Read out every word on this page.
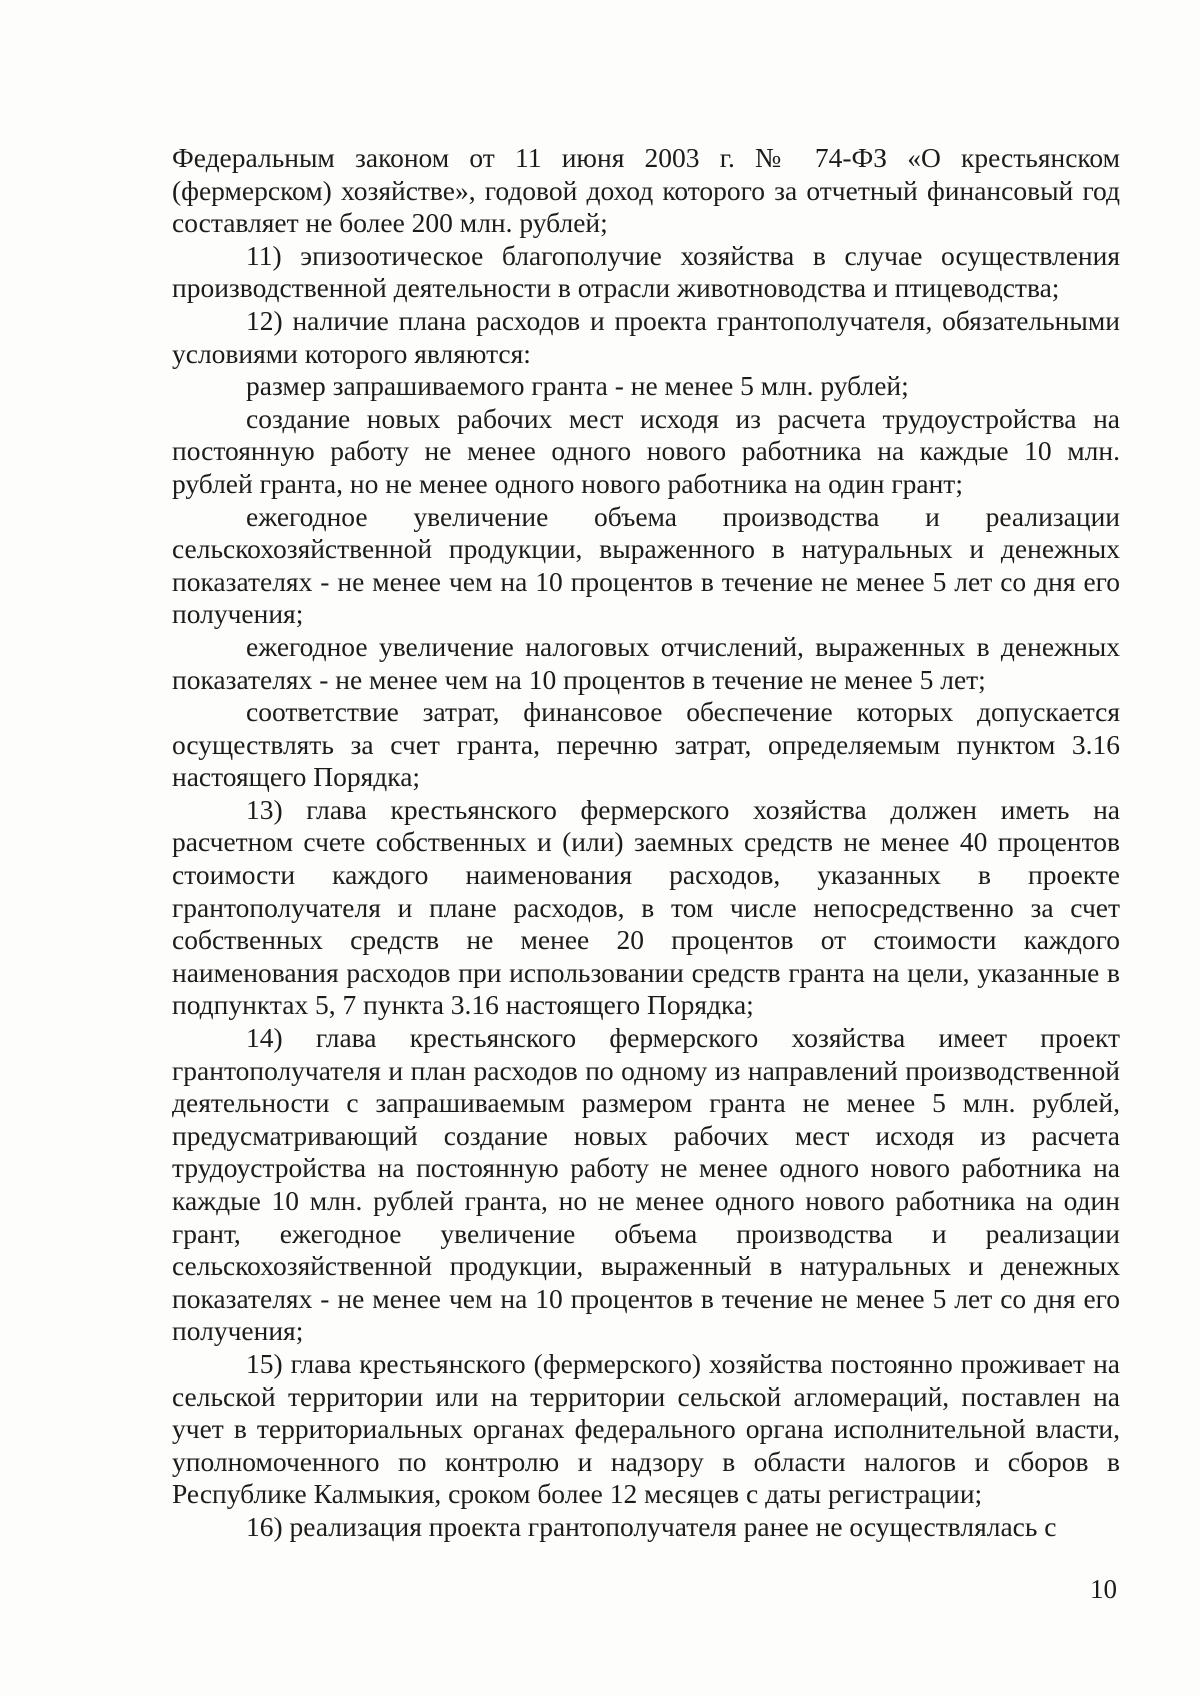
Федеральным законом от 11 июня 2003 г. № 74-ФЗ «О крестьянском (фермерском) хозяйстве», годовой доход которого за отчетный финансовый год составляет не более 200 млн. рублей;

11) эпизоотическое благополучие хозяйства в случае осуществления производственной деятельности в отрасли животноводства и птицеводства;

12) наличие плана расходов и проекта грантополучателя, обязательными условиями которого являются:

размер запрашиваемого гранта - не менее 5 млн. рублей;

создание новых рабочих мест исходя из расчета трудоустройства на постоянную работу не менее одного нового работника на каждые 10 млн. рублей гранта, но не менее одного нового работника на один грант;

ежегодное увеличение объема производства и реализации сельскохозяйственной продукции, выраженного в натуральных и денежных показателях - не менее чем на 10 процентов в течение не менее 5 лет со дня его получения;

ежегодное увеличение налоговых отчислений, выраженных в денежных показателях - не менее чем на 10 процентов в течение не менее 5 лет;

соответствие затрат, финансовое обеспечение которых допускается осуществлять за счет гранта, перечню затрат, определяемым пунктом 3.16 настоящего Порядка;

13) глава крестьянского фермерского хозяйства должен иметь на расчетном счете собственных и (или) заемных средств не менее 40 процентов стоимости каждого наименования расходов, указанных в проекте грантополучателя и плане расходов, в том числе непосредственно за счет собственных средств не менее 20 процентов от стоимости каждого наименования расходов при использовании средств гранта на цели, указанные в подпунктах 5, 7 пункта 3.16 настоящего Порядка;

14) глава крестьянского фермерского хозяйства имеет проект грантополучателя и план расходов по одному из направлений производственной деятельности с запрашиваемым размером гранта не менее 5 млн. рублей, предусматривающий создание новых рабочих мест исходя из расчета трудоустройства на постоянную работу не менее одного нового работника на каждые 10 млн. рублей гранта, но не менее одного нового работника на один грант, ежегодное увеличение объема производства и реализации сельскохозяйственной продукции, выраженный в натуральных и денежных показателях - не менее чем на 10 процентов в течение не менее 5 лет со дня его получения;

15) глава крестьянского (фермерского) хозяйства постоянно проживает на сельской территории или на территории сельской агломераций, поставлен на учет в территориальных органах федерального органа исполнительной власти, уполномоченного по контролю и надзору в области налогов и сборов в Республике Калмыкия, сроком более 12 месяцев с даты регистрации;

16) реализация проекта грантополучателя ранее не осуществлялась с

10
